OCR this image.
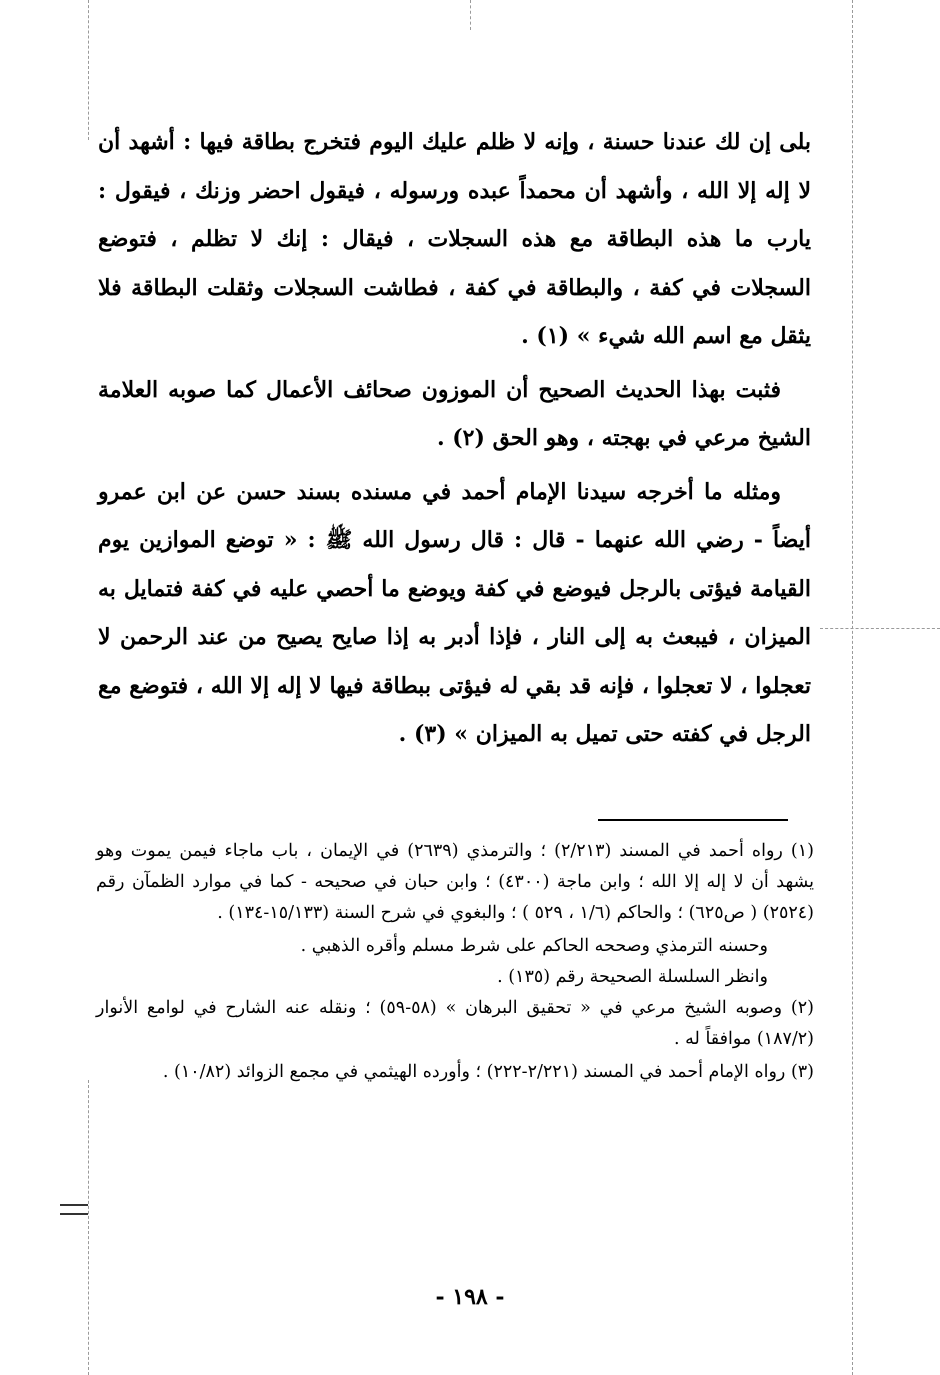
بلى إن لك عندنا حسنة ، وإنه لا ظلم عليك اليوم فتخرج بطاقة فيها : أشهد أن لا إله إلا الله ، وأشهد أن محمداً عبده ورسوله ، فيقول احضر وزنك ، فيقول : يارب ما هذه البطاقة مع هذه السجلات ، فيقال : إنك لا تظلم ، فتوضع السجلات في كفة ، والبطاقة في كفة ، فطاشت السجلات وثقلت البطاقة فلا يثقل مع اسم الله شيء » (١) .

فثبت بهذا الحديث الصحيح أن الموزون صحائف الأعمال كما صوبه العلامة الشيخ مرعي في بهجته ، وهو الحق (٢) .

ومثله ما أخرجه سيدنا الإمام أحمد في مسنده بسند حسن عن ابن عمرو أيضاً - رضي الله عنهما - قال : قال رسول الله ﷺ : « توضع الموازين يوم القيامة فيؤتى بالرجل فيوضع في كفة ويوضع ما أحصي عليه في كفة فتمايل به الميزان ، فيبعث به إلى النار ، فإذا أدبر به إذا صايح يصيح من عند الرحمن لا تعجلوا ، لا تعجلوا ، فإنه قد بقي له فيؤتى ببطاقة فيها لا إله إلا الله ، فتوضع مع الرجل في كفته حتى تميل به الميزان » (٣) .

(١) رواه أحمد في المسند (٢/٢١٣) ؛ والترمذي (٢٦٣٩) في الإيمان ، باب ماجاء فيمن يموت وهو يشهد أن لا إله إلا الله ؛ وابن ماجة (٤٣٠٠) ؛ وابن حبان في صحيحه - كما في موارد الظمآن رقم (٢٥٢٤) ( ص٦٢٥) ؛ والحاكم (١/٦ ، ٥٢٩ ) ؛ والبغوي في شرح السنة (١٥/١٣٣-١٣٤) .

وحسنه الترمذي وصححه الحاكم على شرط مسلم وأقره الذهبي .

وانظر السلسلة الصحيحة رقم (١٣٥) .

(٢) وصوبه الشيخ مرعي في « تحقيق البرهان » (٥٨-٥٩) ؛ ونقله عنه الشارح في لوامع الأنوار (١٨٧/٢) موافقاً له .

(٣) رواه الإمام أحمد في المسند (٢/٢٢١-٢٢٢) ؛ وأورده الهيثمي في مجمع الزوائد (١٠/٨٢) .

- ١٩٨ -
